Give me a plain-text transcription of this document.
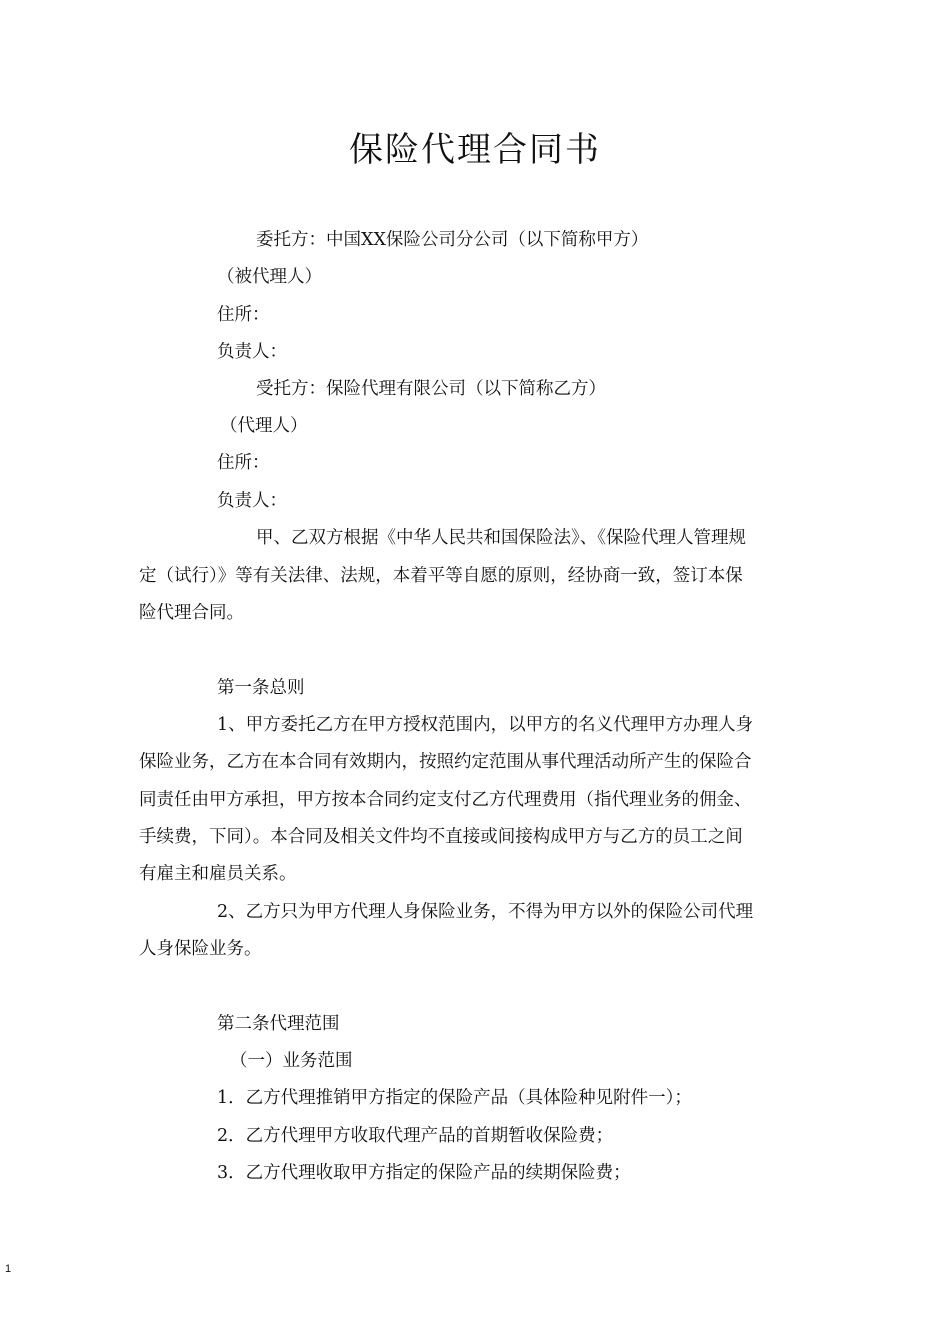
保险代理合同书

委托方：中国XX保险公司分公司（以下简称甲方）

（被代理人）

住所：

负责人：

受托方：保险代理有限公司（以下简称乙方）

（代理人）

住所：

负责人：

甲、乙双方根据《中华人民共和国保险法》、《保险代理人管理规

定（试行）》等有关法律、法规，本着平等自愿的原则，经协商一致，签订本保

险代理合同。

第一条总则

1、甲方委托乙方在甲方授权范围内，以甲方的名义代理甲方办理人身

保险业务，乙方在本合同有效期内，按照约定范围从事代理活动所产生的保险合

同责任由甲方承担，甲方按本合同约定支付乙方代理费用（指代理业务的佣金、

手续费，下同）。本合同及相关文件均不直接或间接构成甲方与乙方的员工之间

有雇主和雇员关系。

2、乙方只为甲方代理人身保险业务，不得为甲方以外的保险公司代理

人身保险业务。

第二条代理范围

（一）业务范围

1．乙方代理推销甲方指定的保险产品（具体险种见附件一）；

2．乙方代理甲方收取代理产品的首期暂收保险费；

3．乙方代理收取甲方指定的保险产品的续期保险费；

1
